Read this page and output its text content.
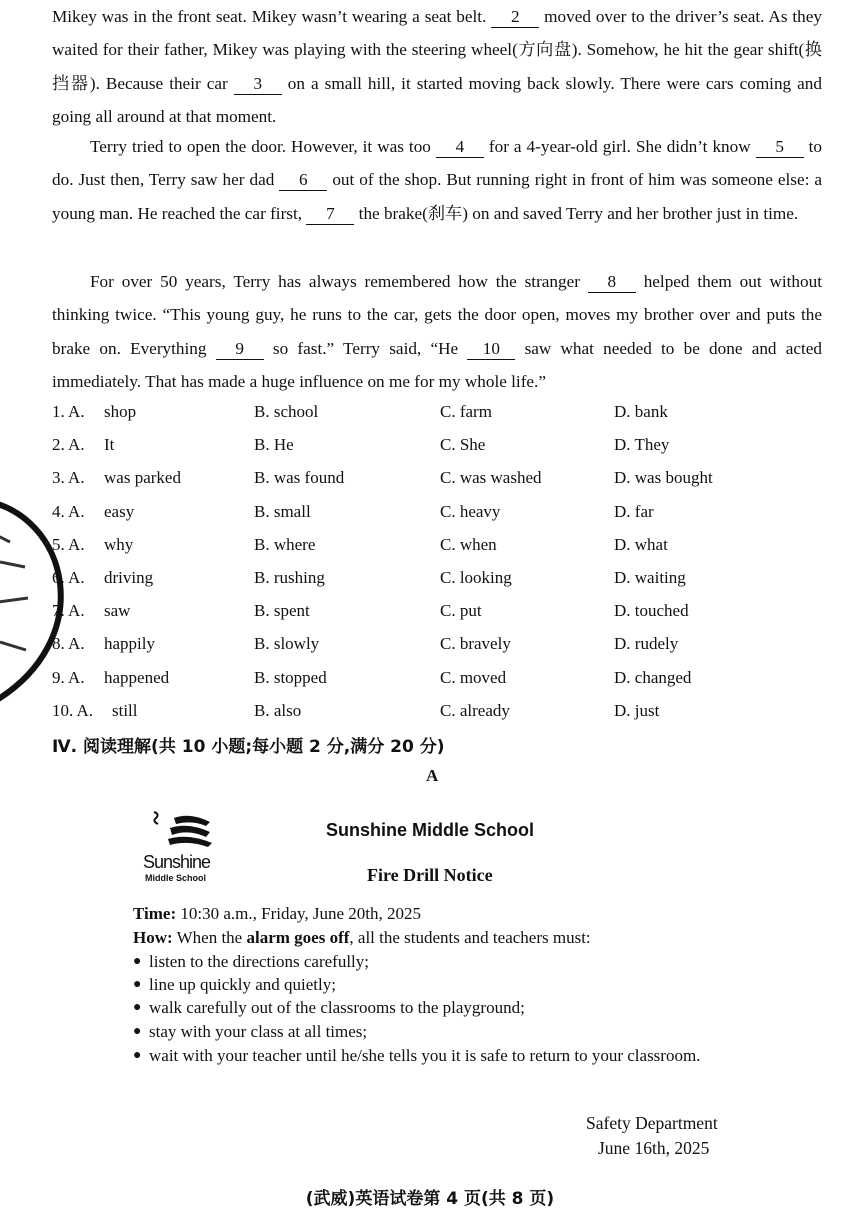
Mikey was in the front seat. Mikey wasn’t wearing a seat belt. 2 moved over to the driver’s seat. As they waited for their father, Mikey was playing with the steering wheel(方向盘). Somehow, he hit the gear shift(换挡器). Because their car 3 on a small hill, it started moving back slowly. There were cars coming and going all around at that moment.
Terry tried to open the door. However, it was too 4 for a 4-year-old girl. She didn’t know 5 to do. Just then, Terry saw her dad 6 out of the shop. But running right in front of him was someone else: a young man. He reached the car first, 7 the brake(刹车) on and saved Terry and her brother just in time.
For over 50 years, Terry has always remembered how the stranger 8 helped them out without thinking twice. “This young guy, he runs to the car, gets the door open, moves my brother over and puts the brake on. Everything 9 so fast.” Terry said, “He 10 saw what needed to be done and acted immediately. That has made a huge influence on me for my whole life.”
1. A. shop	B. school	C. farm	D. bank
2. A. It	B. He	C. She	D. They
3. A. was parked	B. was found	C. was washed	D. was bought
4. A. easy	B. small	C. heavy	D. far
5. A. why	B. where	C. when	D. what
6. A. driving	B. rushing	C. looking	D. waiting
7. A. saw	B. spent	C. put	D. touched
8. A. happily	B. slowly	C. bravely	D. rudely
9. A. happened	B. stopped	C. moved	D. changed
10. A. still	B. also	C. already	D. just
Ⅳ. 阅读理解(共 10 小题;每小题 2 分,满分 20 分)
A
Sunshine
Middle School
Sunshine Middle School
Fire Drill Notice
Time: 10:30 a.m., Friday, June 20th, 2025
How: When the alarm goes off, all the students and teachers must:
● listen to the directions carefully;
● line up quickly and quietly;
● walk carefully out of the classrooms to the playground;
● stay with your class at all times;
● wait with your teacher until he/she tells you it is safe to return to your classroom.
Safety Department
June 16th, 2025
(武威)英语试卷第 4 页(共 8 页)
